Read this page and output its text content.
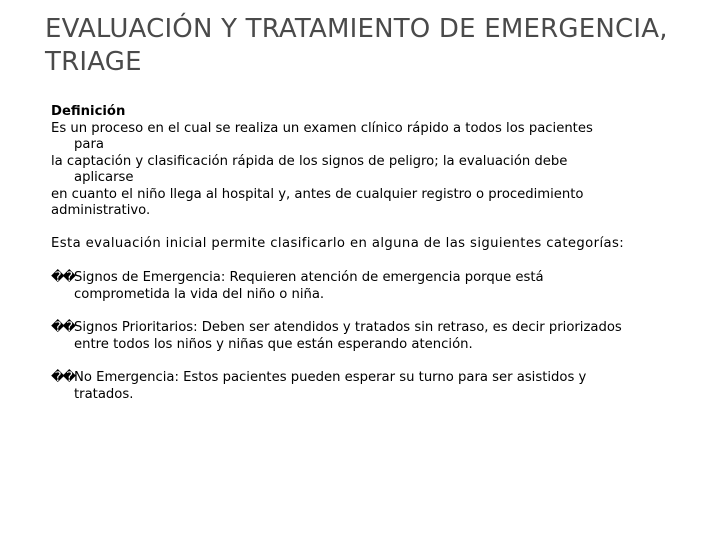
EVALUACIÓN Y TRATAMIENTO DE EMERGENCIA, TRIAGE

Definición

Es un proceso en el cual se realiza un examen clínico rápido a todos los pacientes

para

la captación y clasificación rápida de los signos de peligro; la evaluación debe

aplicarse

en cuanto el niño llega al hospital y, antes de cualquier registro o procedimiento

administrativo.

Esta evaluación inicial permite clasificarlo en alguna de las siguientes categorías:

�� Signos de Emergencia: Requieren atención de emergencia porque está
comprometida la vida del niño o niña.
�� Signos Prioritarios: Deben ser atendidos y tratados sin retraso, es decir priorizados
entre todos los niños y niñas que están esperando atención.
�� No Emergencia: Estos pacientes pueden esperar su turno para ser asistidos y
tratados.
